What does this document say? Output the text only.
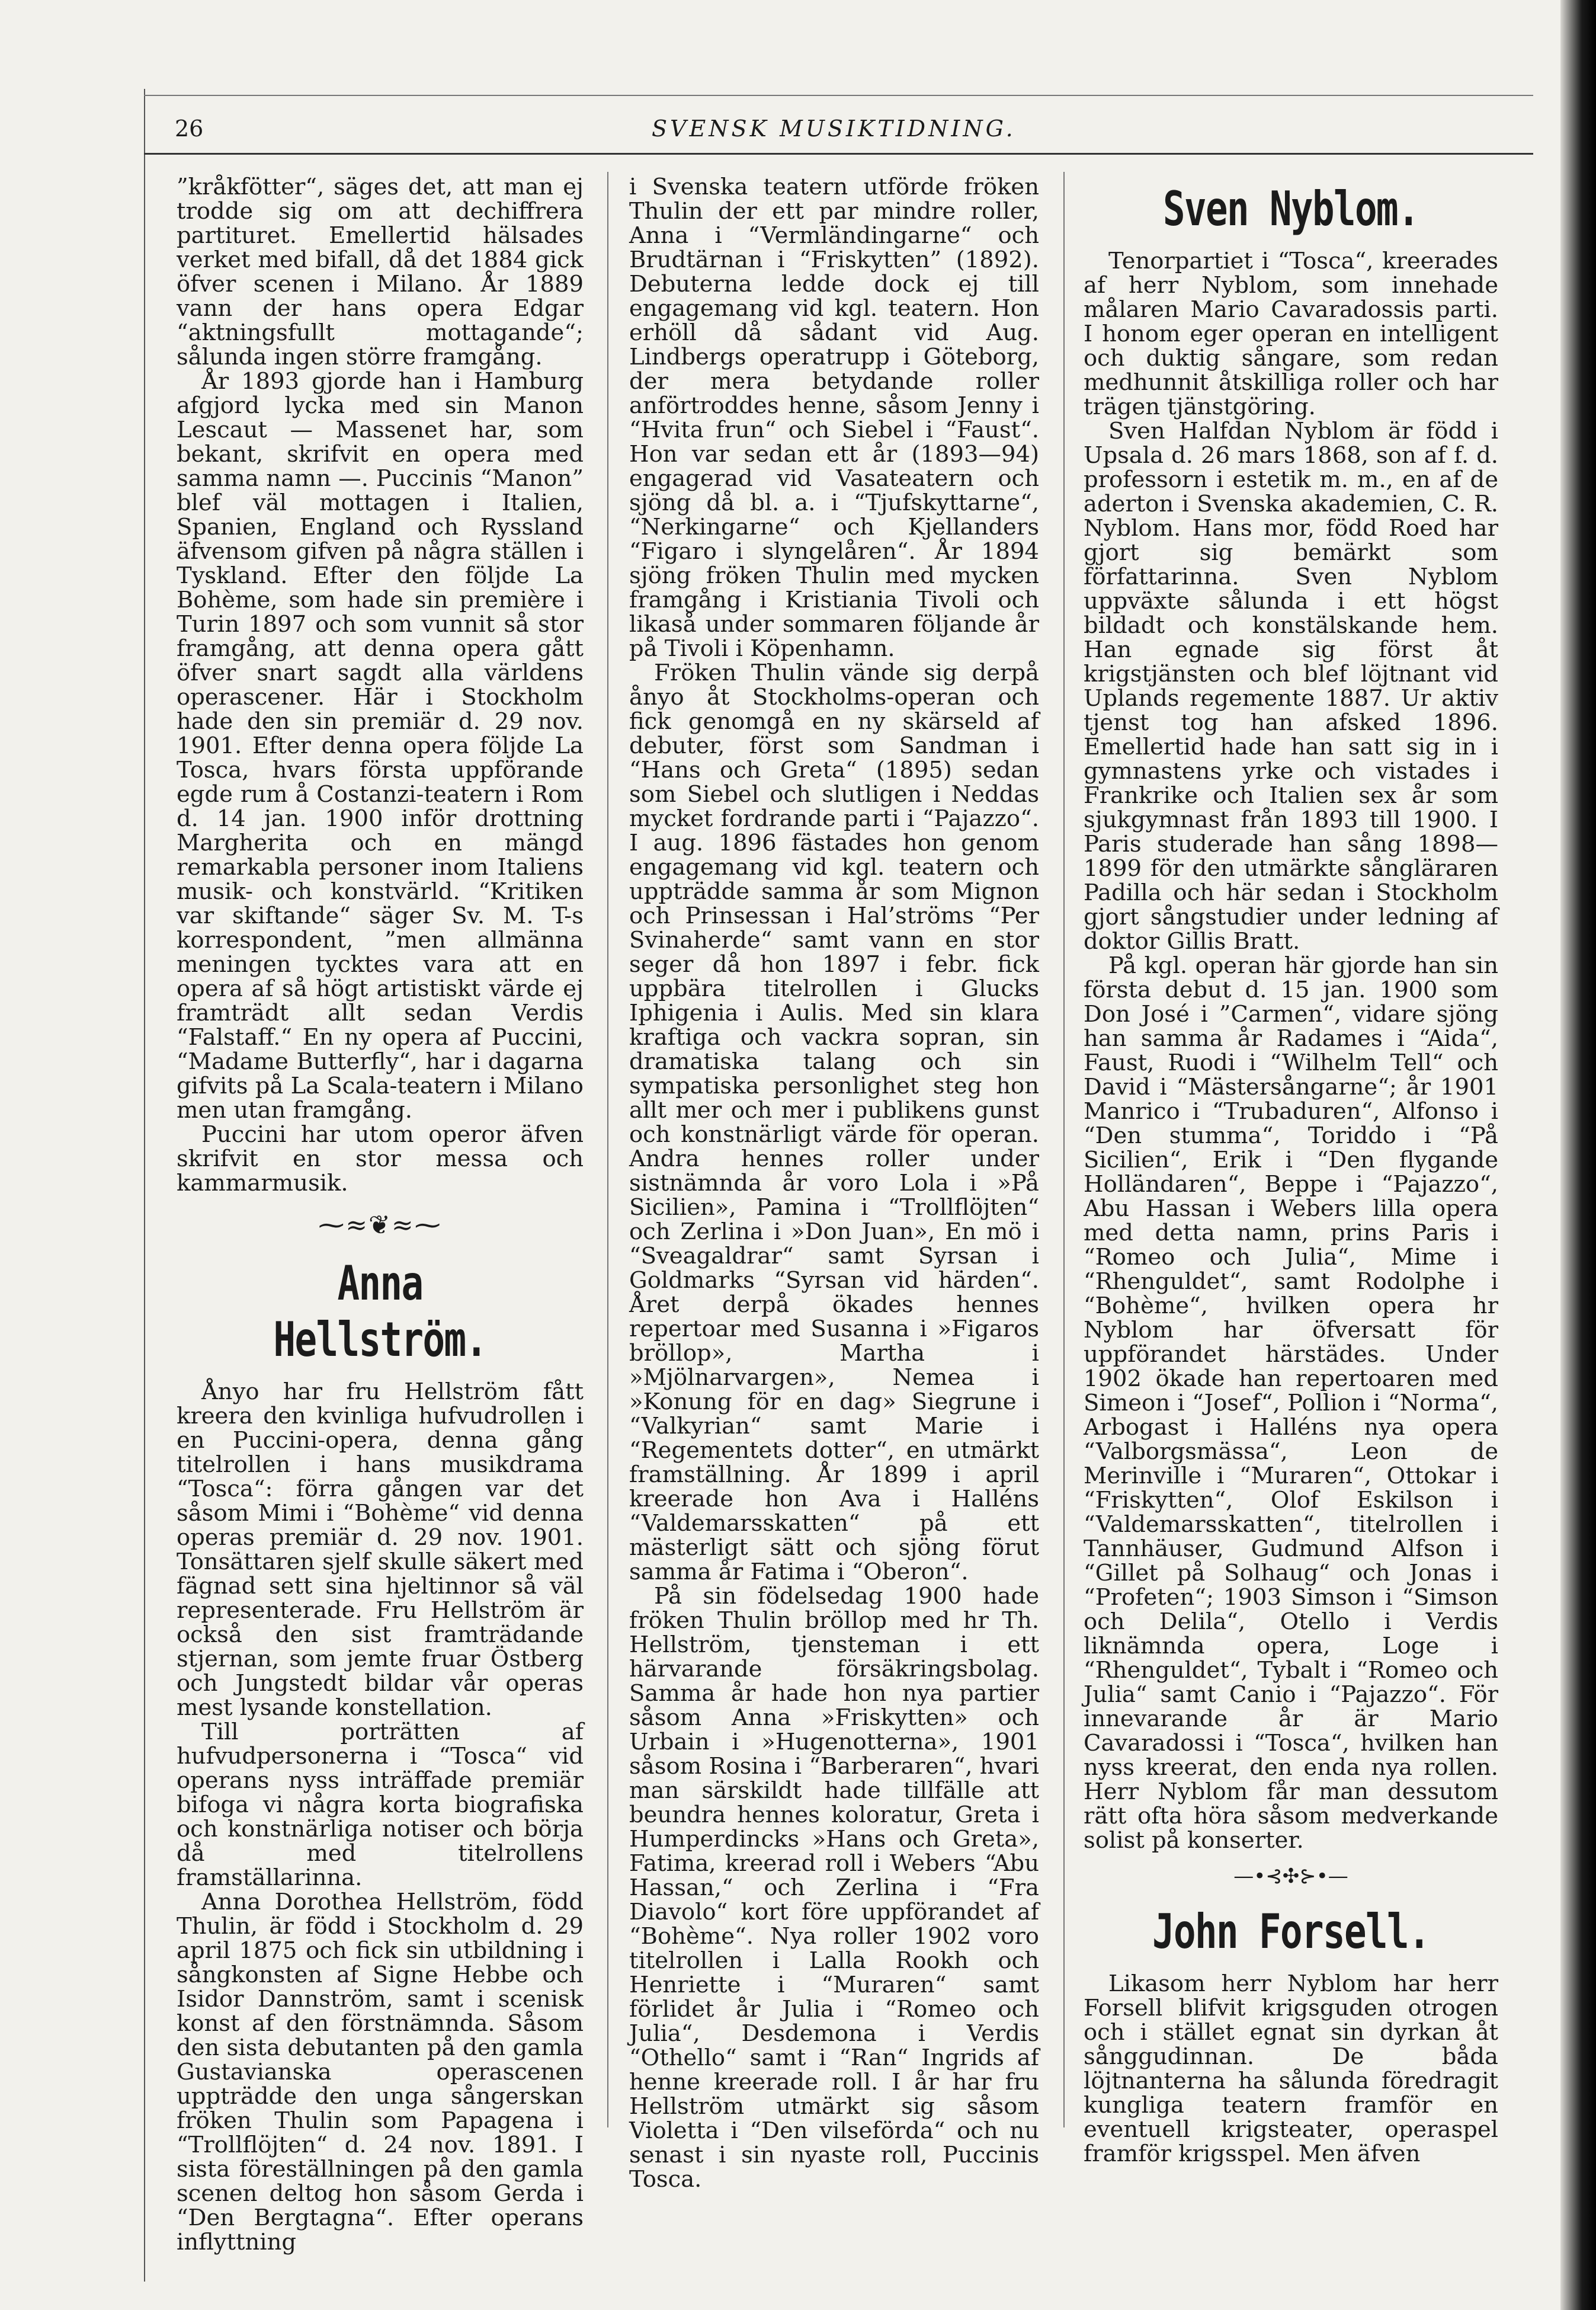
26	SVENSK MUSIKTIDNING.

”kråkfötter“, säges det, att man ej trodde sig om att dechiffrera partituret. Emellertid hälsades verket med bifall, då det 1884 gick öfver scenen i Milano. År 1889 vann der hans opera Edgar “aktningsfullt mottagande“; sålunda ingen större framgång.

År 1893 gjorde han i Hamburg afgjord lycka med sin Manon Lescaut — Massenet har, som bekant, skrifvit en opera med samma namn —. Puccinis “Manon” blef väl mottagen i Italien, Spanien, England och Ryssland äfvensom gifven på några ställen i Tyskland. Efter den följde La Bohème, som hade sin première i Turin 1897 och som vunnit så stor framgång, att denna opera gått öfver snart sagdt alla världens operascener. Här i Stockholm hade den sin premiär d. 29 nov. 1901. Efter denna opera följde La Tosca, hvars första uppförande egde rum å Costanzi-teatern i Rom d. 14 jan. 1900 inför drottning Margherita och en mängd remarkabla personer inom Italiens musik- och konstvärld. “Kritiken var skiftande“ säger Sv. M. T-s korrespondent, ”men allmänna meningen tycktes vara att en opera af så högt artistiskt värde ej framträdt allt sedan Verdis “Falstaff.“ En ny opera af Puccini, “Madame Butterfly“, har i dagarna gifvits på La Scala-teatern i Milano men utan framgång.

Puccini har utom operor äfven skrifvit en stor messa och kammarmusik.

⁓≈❦≈⁓
Anna Hellström.

Ånyo har fru Hellström fått kreera den kvinliga hufvudrollen i en Puccini-opera, denna gång titelrollen i hans musikdrama “Tosca“: förra gången var det såsom Mimi i “Bohème“ vid denna operas premiär d. 29 nov. 1901. Tonsättaren sjelf skulle säkert med fägnad sett sina hjeltinnor så väl representerade. Fru Hellström är också den sist framträdande stjernan, som jemte fruar Östberg och Jungstedt bildar vår operas mest lysande konstellation.

Till porträtten af hufvudpersonerna i “Tosca“ vid operans nyss inträffade premiär bifoga vi några korta biografiska och konstnärliga notiser och börja då med titelrollens framställarinna.

Anna Dorothea Hellström, född Thulin, är född i Stockholm d. 29 april 1875 och fick sin utbildning i sångkonsten af Signe Hebbe och Isidor Dannström, samt i scenisk konst af den förstnämnda. Såsom den sista debutanten på den gamla Gustavianska operascenen uppträdde den unga sångerskan fröken Thulin som Papagena i “Trollflöjten“ d. 24 nov. 1891. I sista föreställningen på den gamla scenen deltog hon såsom Gerda i “Den Bergtagna“. Efter operans inflyttning

i Svenska teatern utförde fröken Thulin der ett par mindre roller, Anna i “Vermländingarne“ och Brudtärnan i “Friskytten” (1892). Debuterna ledde dock ej till engagemang vid kgl. teatern. Hon erhöll då sådant vid Aug. Lindbergs operatrupp i Göteborg, der mera betydande roller anförtroddes henne, såsom Jenny i “Hvita frun“ och Siebel i “Faust“. Hon var sedan ett år (1893—94) engagerad vid Vasateatern och sjöng då bl. a. i “Tjufskyttarne“, “Nerkingarne“ och Kjellanders “Figaro i slyngelåren“. År 1894 sjöng fröken Thulin med mycken framgång i Kristiania Tivoli och likaså under sommaren följande år på Tivoli i Köpenhamn.

Fröken Thulin vände sig derpå ånyo åt Stockholms-operan och fick genomgå en ny skärseld af debuter, först som Sandman i “Hans och Greta“ (1895) sedan som Siebel och slutligen i Neddas mycket fordrande parti i “Pajazzo“. I aug. 1896 fästades hon genom engagemang vid kgl. teatern och uppträdde samma år som Mignon och Prinsessan i Hal’ströms “Per Svinaherde“ samt vann en stor seger då hon 1897 i febr. fick uppbära titelrollen i Glucks Iphigenia i Aulis. Med sin klara kraftiga och vackra sopran, sin dramatiska talang och sin sympatiska personlighet steg hon allt mer och mer i publikens gunst och konstnärligt värde för operan. Andra hennes roller under sistnämnda år voro Lola i »På Sicilien», Pamina i “Trollflöjten“ och Zerlina i »Don Juan», En mö i “Sveagaldrar“ samt Syrsan i Goldmarks “Syrsan vid härden“. Året derpå ökades hennes repertoar med Susanna i »Figaros bröllop», Martha i »Mjölnarvargen», Nemea i »Konung för en dag» Siegrune i “Valkyrian“ samt Marie i “Regementets dotter“, en utmärkt framställning. År 1899 i april kreerade hon Ava i Halléns “Valdemarsskatten“ på ett mästerligt sätt och sjöng förut samma år Fatima i “Oberon“.

På sin födelsedag 1900 hade fröken Thulin bröllop med hr Th. Hellström, tjensteman i ett härvarande försäkringsbolag. Samma år hade hon nya partier såsom Anna »Friskytten» och Urbain i »Hugenotterna», 1901 såsom Rosina i “Barberaren“, hvari man särskildt hade tillfälle att beundra hennes koloratur, Greta i Humperdincks »Hans och Greta», Fatima, kreerad roll i Webers “Abu Hassan,“ och Zerlina i “Fra Diavolo“ kort före uppförandet af “Bohème“. Nya roller 1902 voro titelrollen i Lalla Rookh och Henriette i “Muraren“ samt förlidet år Julia i “Romeo och Julia“, Desdemona i Verdis “Othello“ samt i “Ran“ Ingrids af henne kreerade roll. I år har fru Hellström utmärkt sig såsom Violetta i “Den vilseförda“ och nu senast i sin nyaste roll, Puccinis Tosca.

Sven Nyblom.

Tenorpartiet i “Tosca“, kreerades af herr Nyblom, som innehade målaren Mario Cavaradossis parti. I honom eger operan en intelligent och duktig sångare, som redan medhunnit åtskilliga roller och har trägen tjänstgöring.

Sven Halfdan Nyblom är född i Upsala d. 26 mars 1868, son af f. d. professorn i estetik m. m., en af de aderton i Svenska akademien, C. R. Nyblom. Hans mor, född Roed har gjort sig bemärkt som författarinna. Sven Nyblom uppväxte sålunda i ett högst bildadt och konstälskande hem. Han egnade sig först åt krigstjänsten och blef löjtnant vid Uplands regemente 1887. Ur aktiv tjenst tog han afsked 1896. Emellertid hade han satt sig in i gymnastens yrke och vistades i Frankrike och Italien sex år som sjukgymnast från 1893 till 1900. I Paris studerade han sång 1898—1899 för den utmärkte sångläraren Padilla och här sedan i Stockholm gjort sångstudier under ledning af doktor Gillis Bratt.

På kgl. operan här gjorde han sin första debut d. 15 jan. 1900 som Don José i ”Carmen“, vidare sjöng han samma år Radames i “Aida“, Faust, Ruodi i “Wilhelm Tell“ och David i “Mästersångarne“; år 1901 Manrico i “Trubaduren“, Alfonso i “Den stumma“, Toriddo i “På Sicilien“, Erik i “Den flygande Holländaren“, Beppe i “Pajazzo“, Abu Hassan i Webers lilla opera med detta namn, prins Paris i “Romeo och Julia“, Mime i “Rhenguldet“, samt Rodolphe i “Bohème“, hvilken opera hr Nyblom har öfversatt för uppförandet härstädes. Under 1902 ökade han repertoaren med Simeon i “Josef“, Pollion i “Norma“, Arbogast i Halléns nya opera “Valborgsmässa“, Leon de Merinville i “Muraren“, Ottokar i “Friskytten“, Olof Eskilson i “Valdemarsskatten“, titelrollen i Tannhäuser, Gudmund Alfson i “Gillet på Solhaug“ och Jonas i “Profeten“; 1903 Simson i “Simson och Delila“, Otello i Verdis liknämnda opera, Loge i “Rhenguldet“, Tybalt i “Romeo och Julia“ samt Canio i “Pajazzo“. För innevarande år är Mario Cavaradossi i “Tosca“, hvilken han nyss kreerat, den enda nya rollen. Herr Nyblom får man dessutom rätt ofta höra såsom medverkande solist på konserter.

—•⊰✣⊱•—
John Forsell.

Likasom herr Nyblom har herr Forsell blifvit krigsguden otrogen och i stället egnat sin dyrkan åt sånggudinnan. De båda löjtnanterna ha sålunda föredragit kungliga teatern framför en eventuell krigsteater, operaspel framför krigsspel. Men äfven
